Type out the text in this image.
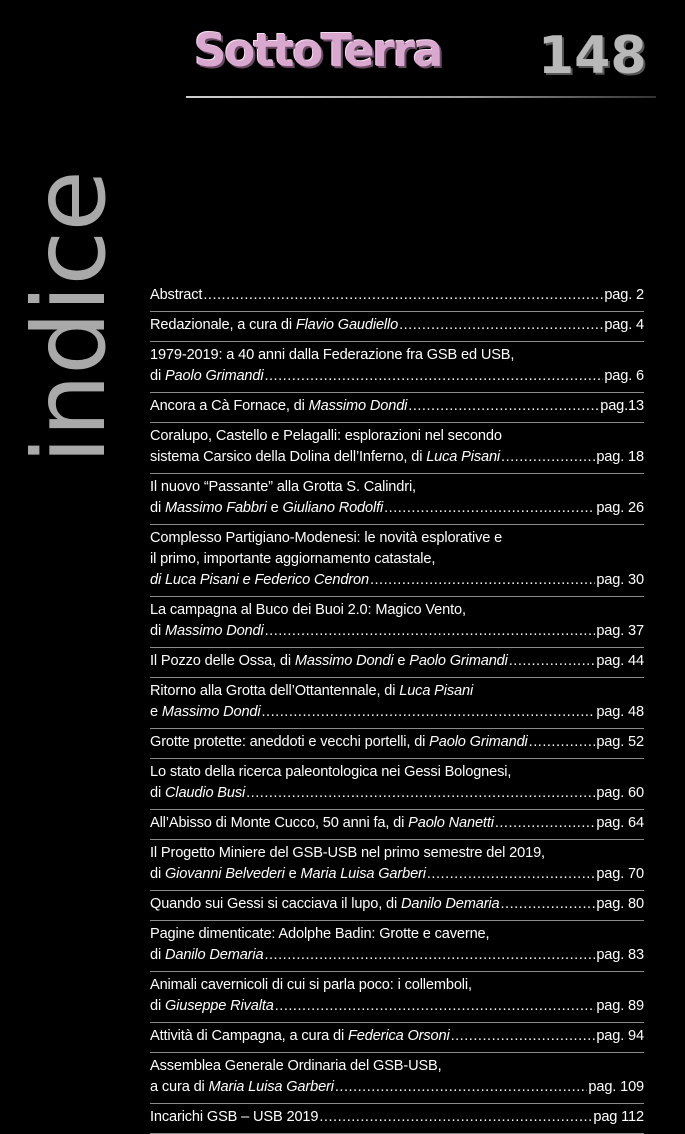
SottoTerra 148
indice Abstract .....	pag. 2
Redazionale, a cura di Flavio Gaudiello .....	pag. 4
1979-2019: a 40 anni dalla Federazione fra GSB ed USB,
di Paolo Grimandi .....	pag. 6
Ancora a Cà Fornace, di Massimo Dondi .....	pag.13
Coralupo, Castello e Pelagalli: esplorazioni nel secondo
sistema Carsico della Dolina dell’Inferno, di Luca Pisani .....	pag. 18
Il nuovo “Passante” alla Grotta S. Calindri,
di Massimo Fabbri e Giuliano Rodolfi .....	pag. 26
Complesso Partigiano-Modenesi: le novità esplorative e
il primo, importante aggiornamento catastale,
di Luca Pisani e Federico Cendron .....	pag. 30
La campagna al Buco dei Buoi 2.0: Magico Vento,
di Massimo Dondi .....	pag. 37
Il Pozzo delle Ossa, di Massimo Dondi e Paolo Grimandi .....	pag. 44
Ritorno alla Grotta dell’Ottantennale, di Luca Pisani
e Massimo Dondi .....	pag. 48
Grotte protette: aneddoti e vecchi portelli, di Paolo Grimandi .....	pag. 52
Lo stato della ricerca paleontologica nei Gessi Bolognesi,
di Claudio Busi .....	pag. 60
All’Abisso di Monte Cucco, 50 anni fa, di Paolo Nanetti .....	pag. 64
Il Progetto Miniere del GSB-USB nel primo semestre del 2019,
di Giovanni Belvederi e Maria Luisa Garberi .....	pag. 70
Quando sui Gessi si cacciava il lupo, di Danilo Demaria .....	pag. 80
Pagine dimenticate: Adolphe Badin: Grotte e caverne,
di Danilo Demaria .....	pag. 83
Animali cavernicoli di cui si parla poco: i collemboli,
di Giuseppe Rivalta .....	pag. 89
Attività di Campagna, a cura di Federica Orsoni .....	pag. 94
Assemblea Generale Ordinaria del GSB-USB,
a cura di Maria Luisa Garberi .....	pag. 109
Incarichi GSB – USB 2019 .....	pag 112
